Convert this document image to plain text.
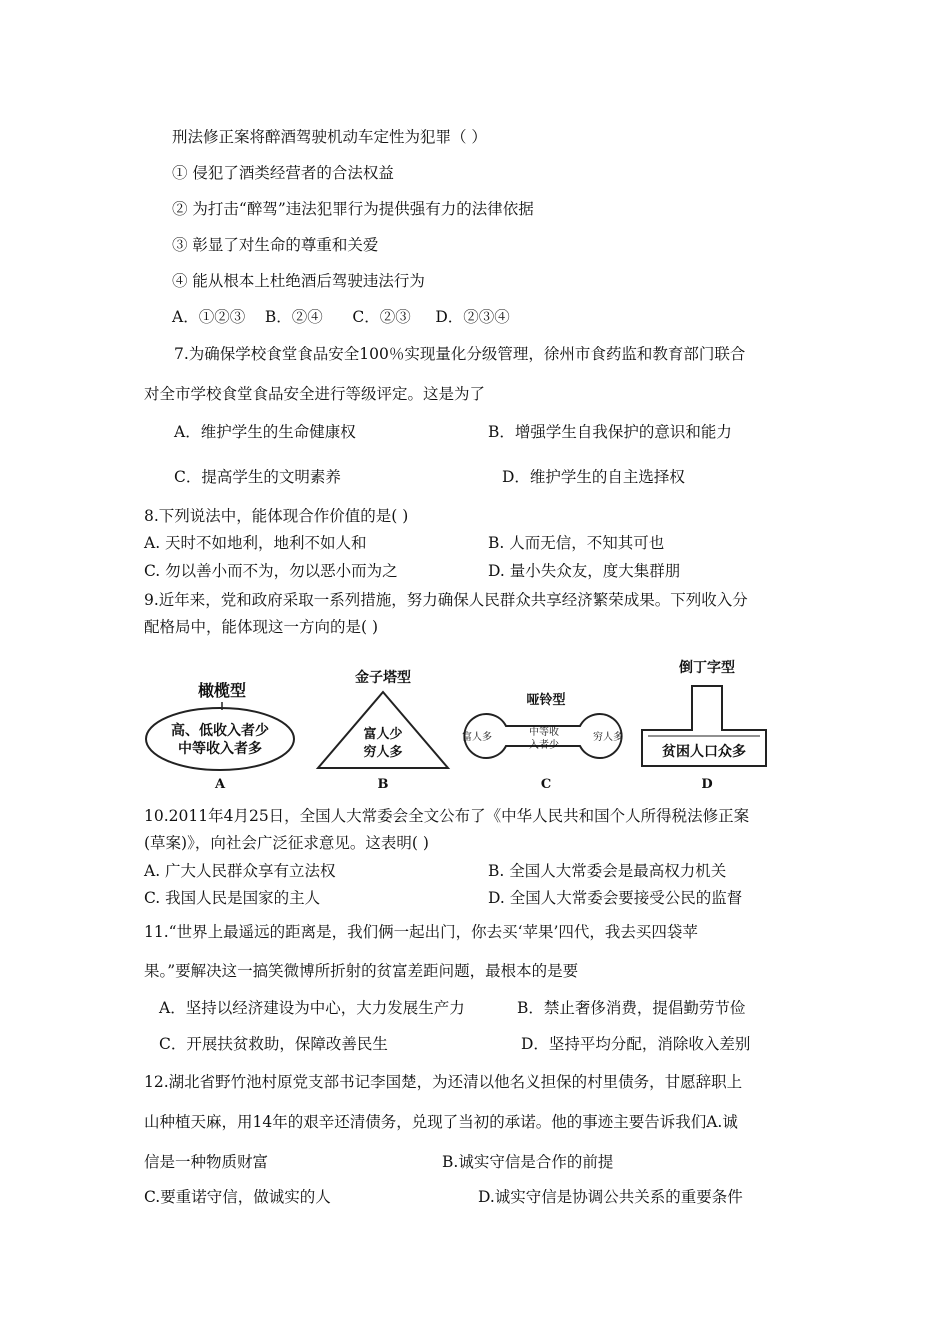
刑法修正案将醉酒驾驶机动车定性为犯罪（ ）
① 侵犯了酒类经营者的合法权益
② 为打击“醉驾”违法犯罪行为提供强有力的法律依据
③ 彰显了对生命的尊重和关爱
④ 能从根本上杜绝酒后驾驶违法行为
A．①②③    B．②④      C．②③     D．②③④
7.为确保学校食堂食品安全100％实现量化分级管理，徐州市食药监和教育部门联合
对全市学校食堂食品安全进行等级评定。这是为了
A．维护学生的生命健康权	B．增强学生自我保护的意识和能力
C．提高学生的文明素养	D．维护学生的自主选择权
8.下列说法中，能体现合作价值的是( )
A. 天时不如地利，地利不如人和	B. 人而无信，不知其可也
C. 勿以善小而不为，勿以恶小而为之	D. 量小失众友，度大集群朋
9.近年来，党和政府采取一系列措施，努力确保人民群众共享经济繁荣成果。下列收入分
配格局中，能体现这一方向的是( )
橄榄型
高、低收入者少
中等收入者多
A
金子塔型
富人少
穷人多
B
哑铃型
富人多	中等收
入者少
穷人多
C
倒丁字型
贫困人口众多
D
10.2011年4月25日，全国人大常委会全文公布了《中华人民共和国个人所得税法修正案
(草案)》，向社会广泛征求意见。这表明( )
A. 广大人民群众享有立法权	B. 全国人大常委会是最高权力机关
C. 我国人民是国家的主人	D. 全国人大常委会要接受公民的监督
11.“世界上最遥远的距离是，我们俩一起出门，你去买‘苹果’四代，我去买四袋苹
果。”要解决这一搞笑微博所折射的贫富差距问题，最根本的是要
A．坚持以经济建设为中心，大力发展生产力	B．禁止奢侈消费，提倡勤劳节俭
C．开展扶贫救助，保障改善民生	D．坚持平均分配，消除收入差别
12.湖北省野竹池村原党支部书记李国楚，为还清以他名义担保的村里债务，甘愿辞职上
山种植天麻，用14年的艰辛还清债务，兑现了当初的承诺。他的事迹主要告诉我们A.诚
信是一种物质财富	B.诚实守信是合作的前提
C.要重诺守信，做诚实的人	D.诚实守信是协调公共关系的重要条件
